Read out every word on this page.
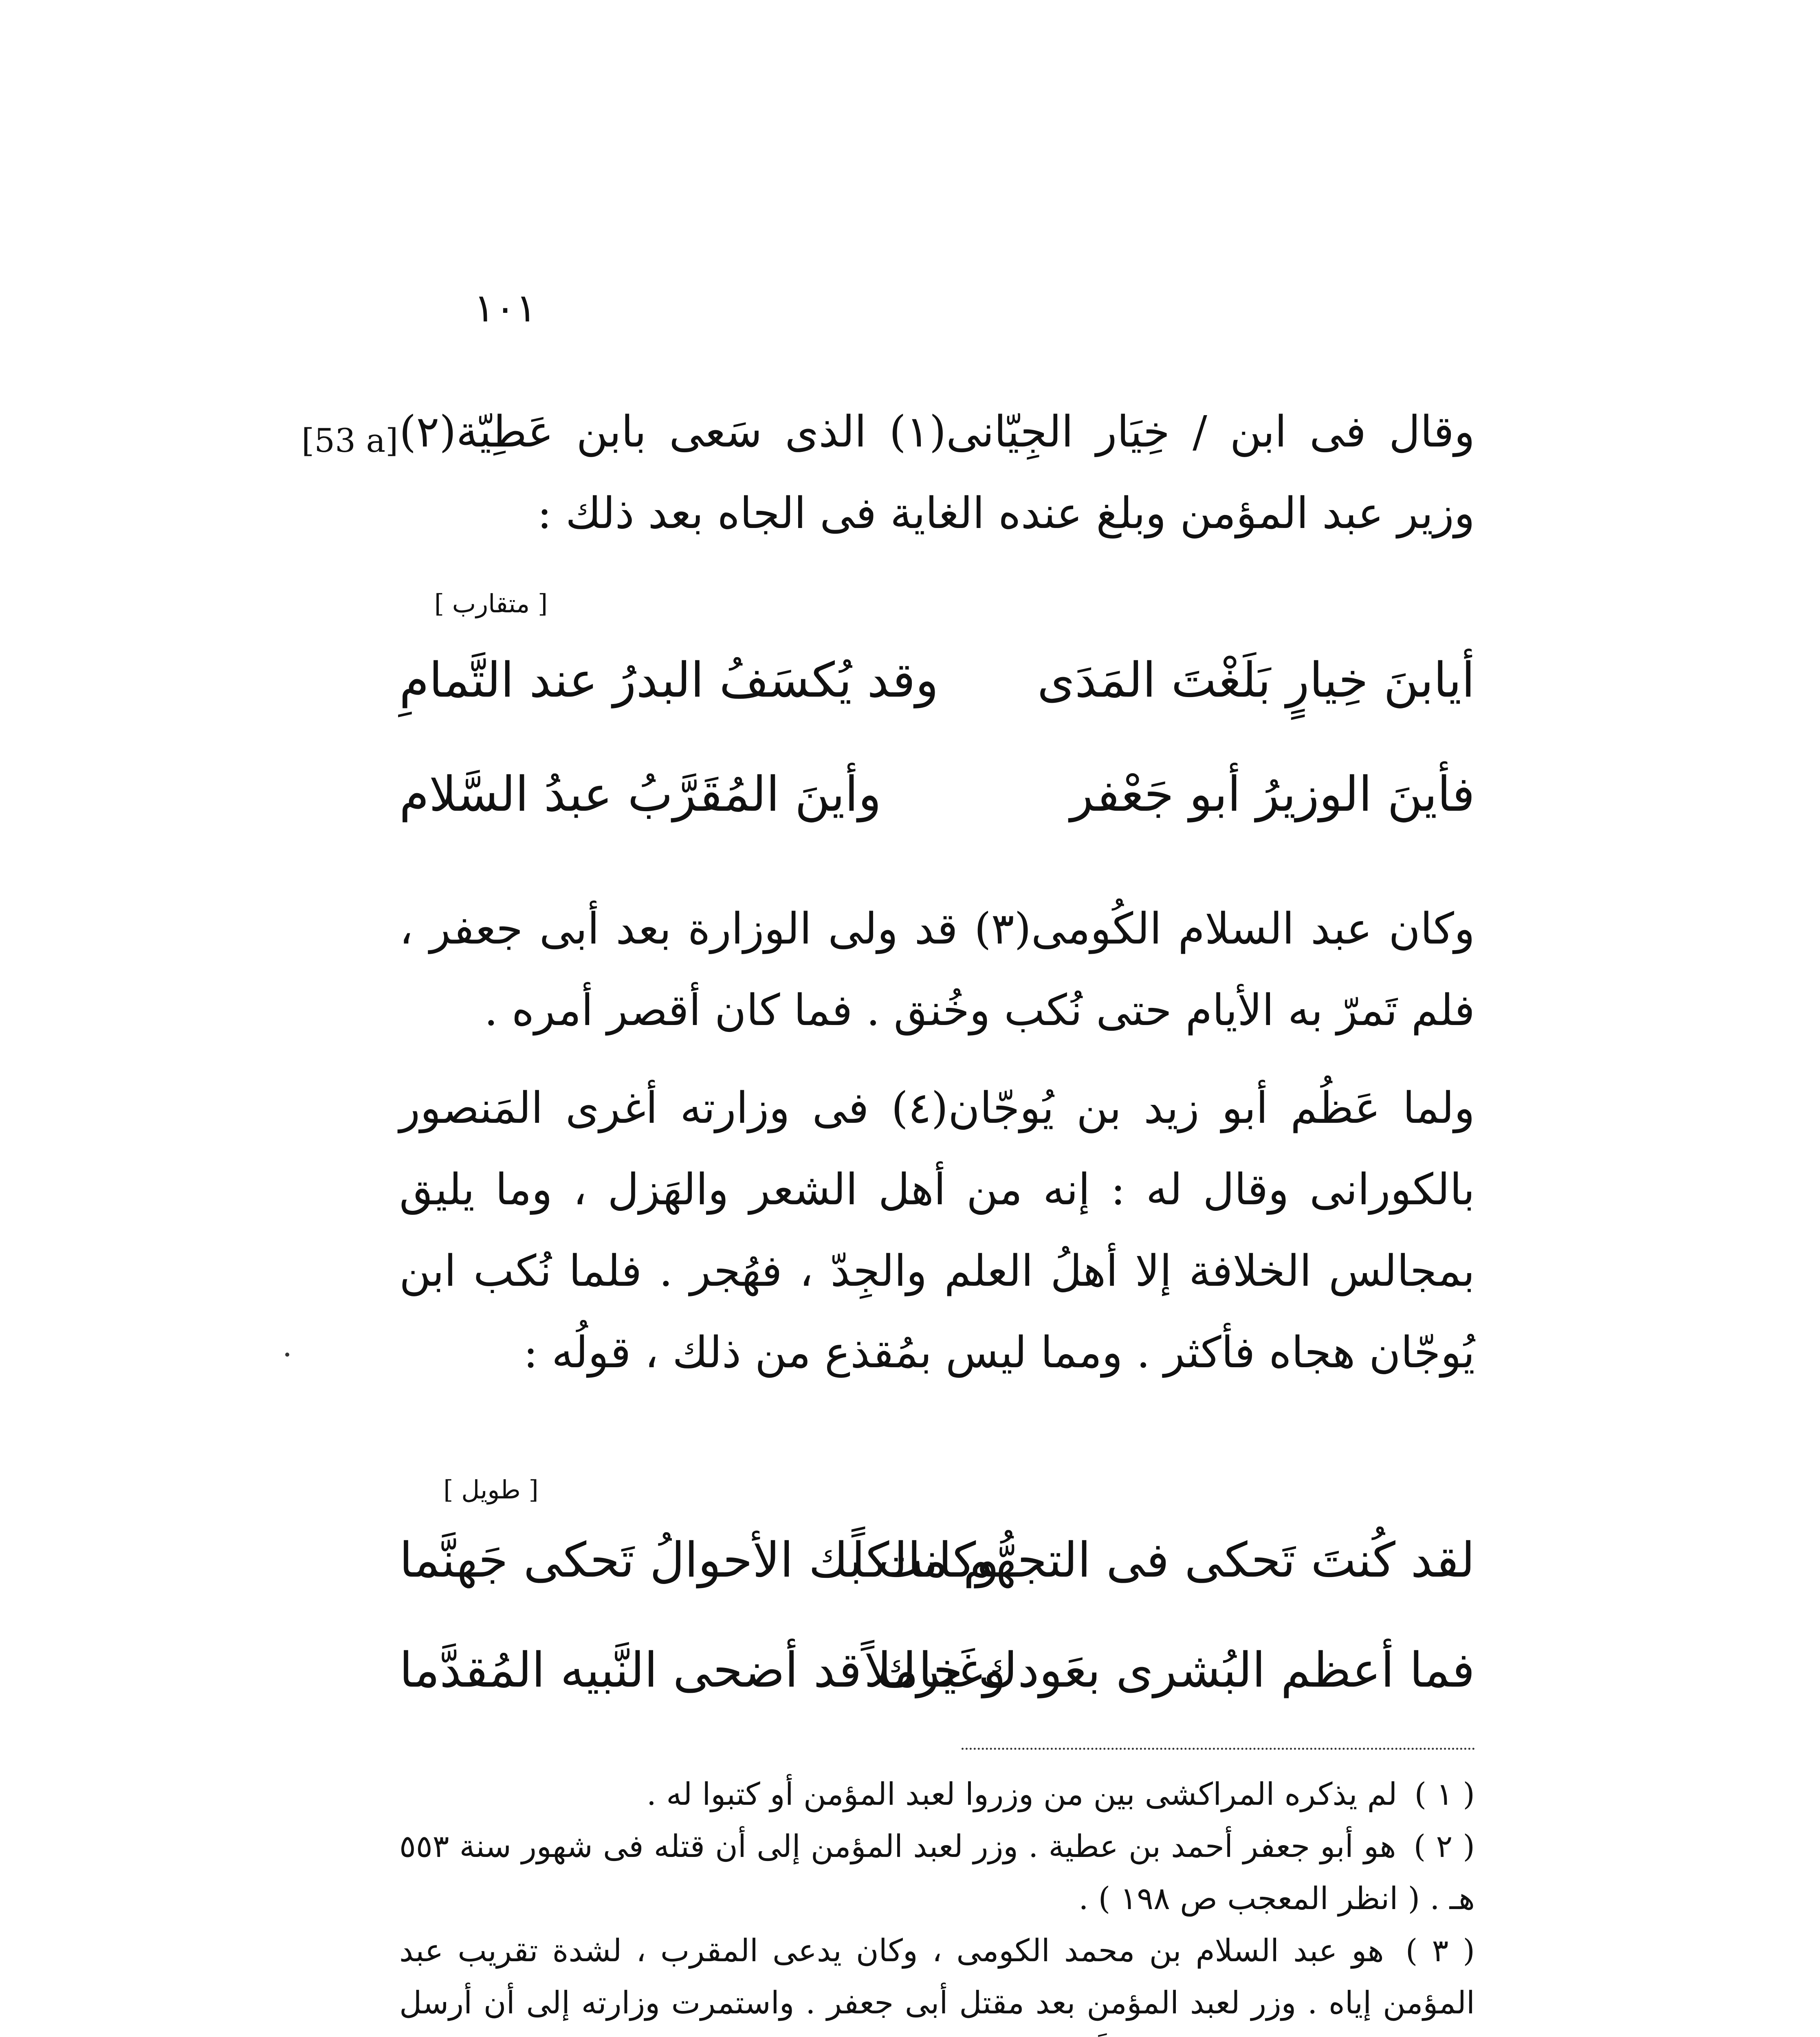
١٠١
[53 a] وقال فى ابن / خِيَار الجِيّانى(١) الذى سَعى بابن عَطِيّة(٢) وزير عبد المؤمن وبلغ عنده الغاية فى الجاه بعد ذلك :

[ متقارب ]
أيابنَ خِيارٍ بَلَغْتَ المَدَى
وقد يُكسَفُ البدرُ عند التَّمامِ
فأينَ الوزيرُ أبو جَعْفر
وأينَ المُقَرَّبُ عبدُ السَّلام

وكان عبد السلام الكُومى(٣) قد ولى الوزارة بعد أبى جعفر ، فلم تَمرّ به الأيام حتى نُكب وخُنق . فما كان أقصر أمره .

ولما عَظُم أبو زيد بن يُوجّان(٤) فى وزارته أغرى المَنصور بالكورانى وقال له : إنه من أهل الشعر والهَزل ، وما يليق بمجالس الخلافة إلا أهلُ العلم والجِدّ ، فهُجر . فلما نُكب ابن يُوجّان هجاه فأكثر . ومما ليس بمُقذع من ذلك ، قولُه :

[ طويل ]
لقد كُنتَ تَحكى فى التجهُّم مالكاً
وكانت بك الأحوالُ تَحكى جَهنَّما
فما أعظم البُشرى بعَودك خاملاً
وغَيرك قد أضحى النَّبيه المُقدَّما

( ١ ) لم يذكره المراكشى بين من وزروا لعبد المؤمن أو كتبوا له .

( ٢ ) هو أبو جعفر أحمد بن عطية . وزر لعبد المؤمن إلى أن قتله فى شهور سنة ٥٥٣ هـ . ( انظر المعجب ص ١٩٨ ) .

( ٣ ) هو عبد السلام بن محمد الكومى ، وكان يدعى المقرب ، لشدة تقريب عبد المؤمن إياه . وزر لعبد المؤمن بعد مقتل أبى جعفر . واستمرت وزارته إلى أن أرسل
